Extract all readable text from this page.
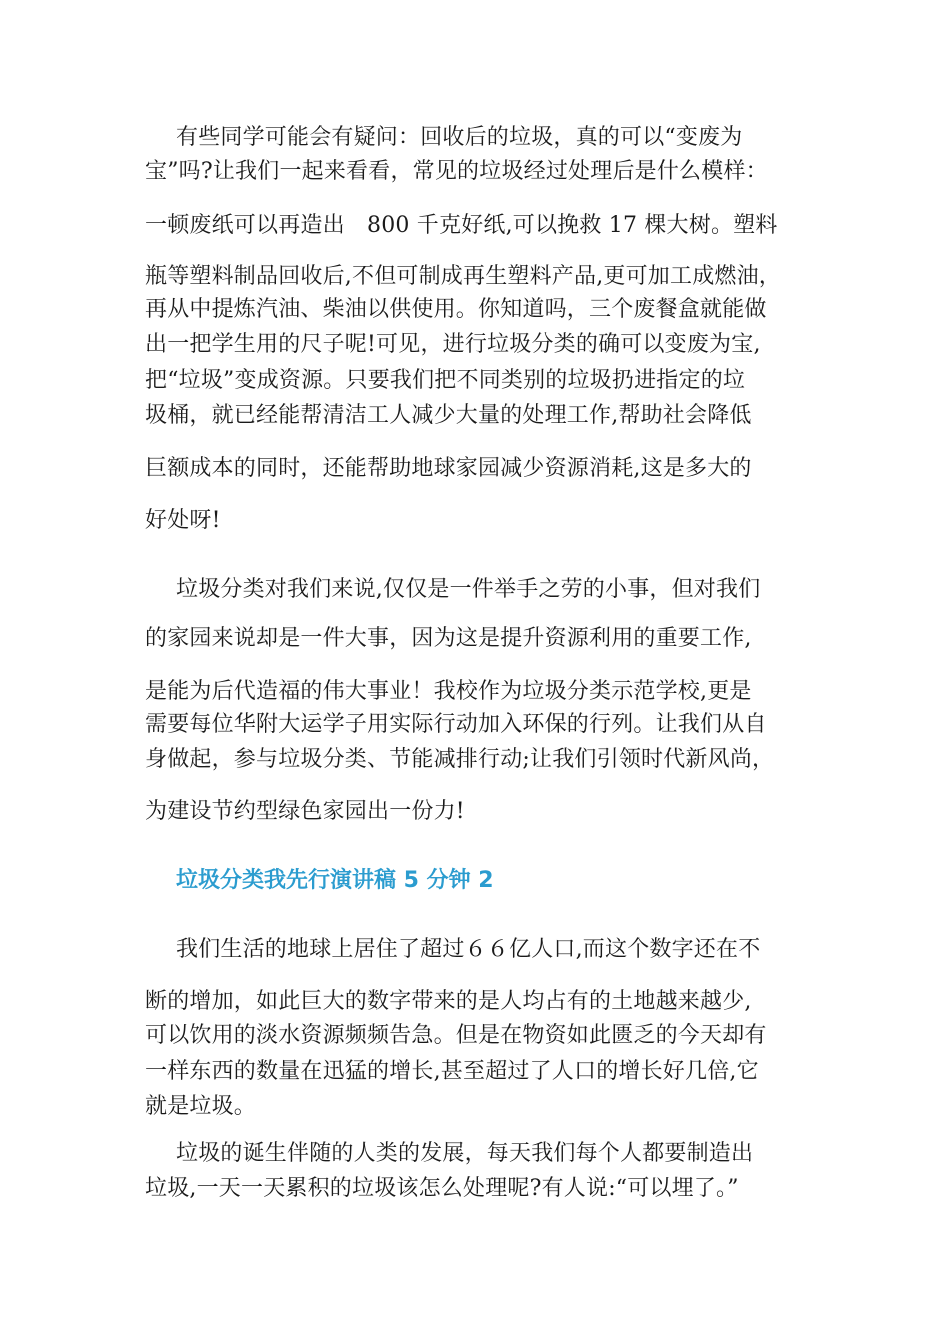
有些同学可能会有疑问：回收后的垃圾，真的可以“变废为
宝”吗?让我们一起来看看，常见的垃圾经过处理后是什么模样：
一顿废纸可以再造出　800 千克好纸,可以挽救 17 棵大树。塑料
瓶等塑料制品回收后,不但可制成再生塑料产品,更可加工成燃油，
再从中提炼汽油、柴油以供使用。你知道吗，三个废餐盒就能做
出一把学生用的尺子呢!可见，进行垃圾分类的确可以变废为宝,
把“垃圾”变成资源。只要我们把不同类别的垃圾扔进指定的垃
圾桶，就已经能帮清洁工人减少大量的处理工作,帮助社会降低
巨额成本的同时，还能帮助地球家园减少资源消耗,这是多大的
好处呀!
垃圾分类对我们来说,仅仅是一件举手之劳的小事，但对我们
的家园来说却是一件大事，因为这是提升资源利用的重要工作,
是能为后代造福的伟大事业！我校作为垃圾分类示范学校,更是
需要每位华附大运学子用实际行动加入环保的行列。让我们从自
身做起，参与垃圾分类、节能减排行动;让我们引领时代新风尚，
为建设节约型绿色家园出一份力!
垃圾分类我先行演讲稿 5 分钟 2
我们生活的地球上居住了超过６６亿人口,而这个数字还在不
断的增加，如此巨大的数字带来的是人均占有的土地越来越少,
可以饮用的淡水资源频频告急。但是在物资如此匮乏的今天却有
一样东西的数量在迅猛的增长,甚至超过了人口的增长好几倍,它
就是垃圾。
垃圾的诞生伴随的人类的发展，每天我们每个人都要制造出
垃圾,一天一天累积的垃圾该怎么处理呢?有人说:“可以埋了。”
